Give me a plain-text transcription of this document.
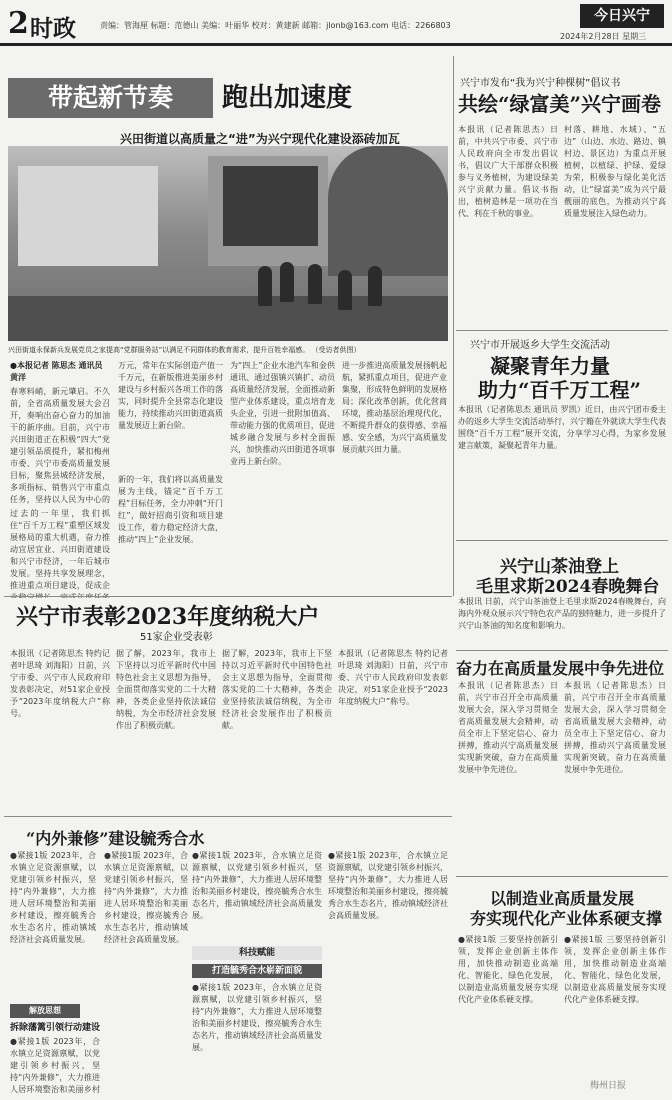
2 时政	责编：管海厘 标题：范德山 美编：叶丽华 校对：黄建新 邮箱：jlonb@163.com 电话：2266803
今日兴宁
2024年2月28日 星期三
带起新节奏	跑出加速度
兴田街道以高质量之“进”为兴宁现代化建设添砖加瓦
兴田街道永保新兵发展党员之家提高“党群服务站”以满足不同群体的教育需求，提升百姓幸福感。 （受访者供图）
●本报记者 陈思杰 通讯员 黄洋
春寒料峭，新元肇启。不久前，全省高质量发展大会召开，奏响出奋心奋力的加油干的新序曲。目前，兴宁市兴田街道正在积极“四大”党建引领品质提升，紧扣梅州市委、兴宁市委高质量发展目标，聚焦县城经济发展，多项指标、销售兴宁市重点任务，坚持以人民为中心的
过去的一年里，我们抓住“百千万工程”重塑区域发展格局的重大机遇，奋力推动宜居宜业、兴田街道建设和兴宁市经济，一年后城市发展。坚持共享发展理念，推进重点项目建设，促成企
万元，常年在实际创造产值一千万元，在新版推进美丽乡村建设与乡村振兴各项工作的落实，同时提升全县常态化建设能力，持续推动兴田街道高质量发展迈上新台阶。
新的一年，我们将以高质量发展为主线，锚定“百千万工程”目标任务，全力冲刺“开门红”，做好招商引资和项目建设工作，着力稳定经济大盘，推动“四上”企业发展。
为“四上”企业水池汽车和金供通讯、通过强镇兴镇扩、动员高质量经济发展，全面推动新型产业体系建设，重点培育龙头企业，引进一批附加值高、带动能力强的优质项目，促进城乡融合发展与乡村全面振兴，加快推动兴田街道各项事业再上新台阶。
进一步推进高质量发展扬帆起航，紧抓重点项目，促进产业集聚，形成特色鲜明的发展格局；深化改革创新，优化营商环境，推动基层治理现代化，不断提升群众的获得感、幸福感、安全感，为兴宁高质量发展贡献兴田力量。
兴宁市发布“我为兴宁种棵树”倡议书
共绘“绿富美”兴宁画卷
本报讯（记者陈思杰）日前，中共兴宁市委、兴宁市人民政府向全市发出倡议书，倡议广大干部群众积极参与义务植树，为建设绿美兴宁贡献力量。倡议书指出，植树造林是一项功在当代、利在千秋的事业。
村落、耕地、水域）、“五边”（山边、水边、路边、镇村边、景区边）为重点开展植树，以植绿、护绿、爱绿为荣，积极参与绿化美化活动，让“绿富美”成为兴宁最靓丽的底色，为推动兴宁高质量发展注入绿色动力。
兴宁市开展返乡大学生交流活动
凝聚青年力量
助力“百千万工程”
本报讯（记者陈思杰 通讯员 罗凯）近日，由兴宁团市委主办的返乡大学生交流活动举行，兴宁籍在外就读大学生代表围绕“百千万工程”展开交流，分享学习心得，为家乡发展建言献策，凝聚起青年力量。
兴宁山茶油登上
毛里求斯2024春晚舞台
本报讯 日前，兴宁山茶油登上毛里求斯2024春晚舞台，向海内外观众展示兴宁特色农产品的独特魅力，进一步提升了兴宁山茶油的知名度和影响力。
兴宁市表彰2023年度纳税大户
51家企业受表彰
本报讯（记者陈思杰 特约记者叶思琦 刘海阳）日前，兴宁市委、兴宁市人民政府印发表彰决定，对51家企业授予“2023年度纳税大户”称号。
据了解，2023年，我市上下坚持以习近平新时代中国特色社会主义思想为指导，全面贯彻落实党的二十大精神，各类企业坚持依法诚信纳税，为全市经济社会发展作出了积极贡献。
据了解，2023年，我市上下坚持以习近平新时代中国特色社会主义思想为指导，全面贯彻落实党的二十大精神，各类企业坚持依法诚信纳税，为全市经济社会发展作出了积极贡献。
本报讯（记者陈思杰 特约记者叶思琦 刘海阳）日前，兴宁市委、兴宁市人民政府印发表彰决定，对51家企业授予“2023年度纳税大户”称号。
奋力在高质量发展中争先进位
本报讯（记者陈思杰）日前，兴宁市召开全市高质量发展大会，深入学习贯彻全省高质量发展大会精神，动员全市上下坚定信心、奋力拼搏，推动兴宁高质量发展实现新突破，奋力在高质量发展中争先进位。
本报讯（记者陈思杰）日前，兴宁市召开全市高质量发展大会，深入学习贯彻全省高质量发展大会精神，动员全市上下坚定信心、奋力拼搏，推动兴宁高质量发展实现新突破，奋力在高质量发展中争先进位。
“内外兼修”建设毓秀合水
●紧接1版 2023年，合水镇立足资源禀赋，以党建引领乡村振兴，坚持“内外兼修”，大力推进人居环境整治和美丽乡村建设，擦亮毓秀合水生态名片，推动镇域经济社会高质量发展。
解放思想
拆除藩篱引领行动建设
●紧接1版 2023年，合水镇立足资源禀赋，以党建引领乡村振兴，坚持“内外兼修”，大力推进人居环境整治和美丽乡村
●紧接1版 2023年，合水镇立足资源禀赋，以党建引领乡村振兴，坚持“内外兼修”，大力推进人居环境整治和美丽乡村建设，擦亮毓秀合水生态名片，推动镇域经济社会高质量发展。
●紧接1版 2023年，合水镇立足资源禀赋，以党建引领乡村振兴，坚持“内外兼修”，大力推进人居环境整治和美丽乡村建设，擦亮毓秀合水生态名片，推动镇域经济社会高质量发展。
科技赋能
打造毓秀合水崭新面貌
●紧接1版 2023年，合水镇立足资源禀赋，以党建引领乡村振兴，坚持“内外兼修”，大力推进人居环境整治和美丽乡村建设，擦亮毓秀合水生态名片，推动镇域经济社会高质量发展。
●紧接1版 2023年，合水镇立足资源禀赋，以党建引领乡村振兴，坚持“内外兼修”，大力推进人居环境整治和美丽乡村建设，擦亮毓秀合水生态名片，推动镇域经济社会高质量发展。
以制造业高质量发展
夯实现代化产业体系硬支撑
●紧接1版 三要坚持创新引领，发挥企业创新主体作用，加快推动制造业高端化、智能化、绿色化发展，以制造业高质量发展夯实现代化产业体系硬支撑。
●紧接1版 三要坚持创新引领，发挥企业创新主体作用，加快推动制造业高端化、智能化、绿色化发展，以制造业高质量发展夯实现代化产业体系硬支撑。
梅州日报
